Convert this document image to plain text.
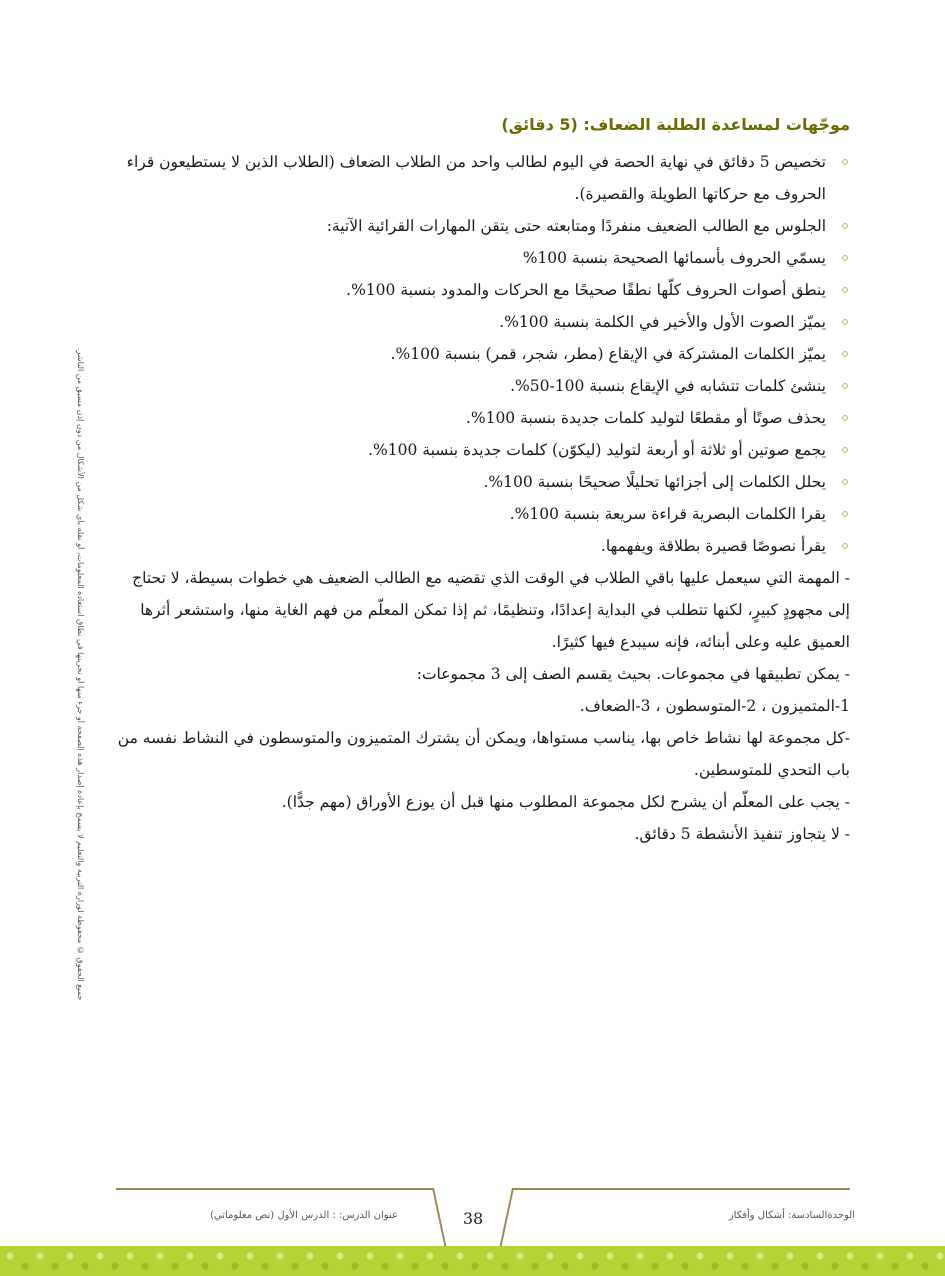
موجّهات لمساعدة الطلبة الضعاف: (5 دقائق)
تخصيص 5 دقائق في نهاية الحصة في اليوم لطالب واحد من الطلاب الضعاف (الطلاب الذين لا يستطيعون قراء الحروف مع حركاتها الطويلة والقصيرة).
الجلوس مع الطالب الضعيف منفردًا ومتابعته حتى يتقن المهارات القرائية الآتية:
يسمّي الحروف بأسمائها الصحيحة بنسبة 100%
ينطق أصوات الحروف كلّها نطقًا صحيحًا مع الحركات والمدود بنسبة 100%.
يميّز الصوت الأول والأخير في الكلمة بنسبة 100%.
يميّز الكلمات المشتركة في الإيقاع (مطر، شجر، قمر) بنسبة 100%.
ينشئ كلمات تتشابه في الإيقاع بنسبة 100-50%.
يحذف صوتًا أو مقطعًا لتوليد كلمات جديدة بنسبة 100%.
يجمع صوتين أو ثلاثة أو أربعة لتوليد (ليكوّن) كلمات جديدة بنسبة 100%.
يحلل الكلمات إلى أجزائها تحليلًا صحيحًا بنسبة 100%.
يقرا الكلمات البصرية قراءة سريعة بنسبة 100%.
يقرأ نصوصًا قصيرة بطلاقة ويفهمها.

- المهمة التي سيعمل عليها باقي الطلاب في الوقت الذي تقضيه مع الطالب الضعيف هي خطوات بسيطة، لا تحتاج إلى مجهودٍ كبيرٍ، لكنها تتطلب في البداية إعدادًا، وتنظيمًا، ثم إذا تمكن المعلّم من فهم الغاية منها، واستشعر أثرها العميق عليه وعلى أبنائه، فإنه سيبدع فيها كثيرًا.

- يمكن تطبيقها في مجموعات. بحيث يقسم الصف إلى 3 مجموعات:

1-المتميزون ، 2-المتوسطون ، 3-الضعاف.

-كل مجموعة لها نشاط خاص بها، يناسب مستواها، ويمكن أن يشترك المتميزون والمتوسطون في النشاط نفسه من باب التحدي للمتوسطين.

- يجب على المعلّم أن يشرح لكل مجموعة المطلوب منها قبل أن يوزع الأوراق (مهم جدًّا).

- لا يتجاوز تنفيذ الأنشطة 5 دقائق.

جميع الحقوق © محفوظة لوزارة التربية والتعليم لا يسمح بإعادة إصدار هذه الصفحة أو جزء منها أو تخزينها في نطاق استعادة المعلومات، أو نقله بأي شكل من الأشكال من دون إذن مسبق من الناشر.
الوحدةالسادسة: أشكال وأفكار
38
عنوان الدرس: : الدرس الأول (نص معلوماتي)
